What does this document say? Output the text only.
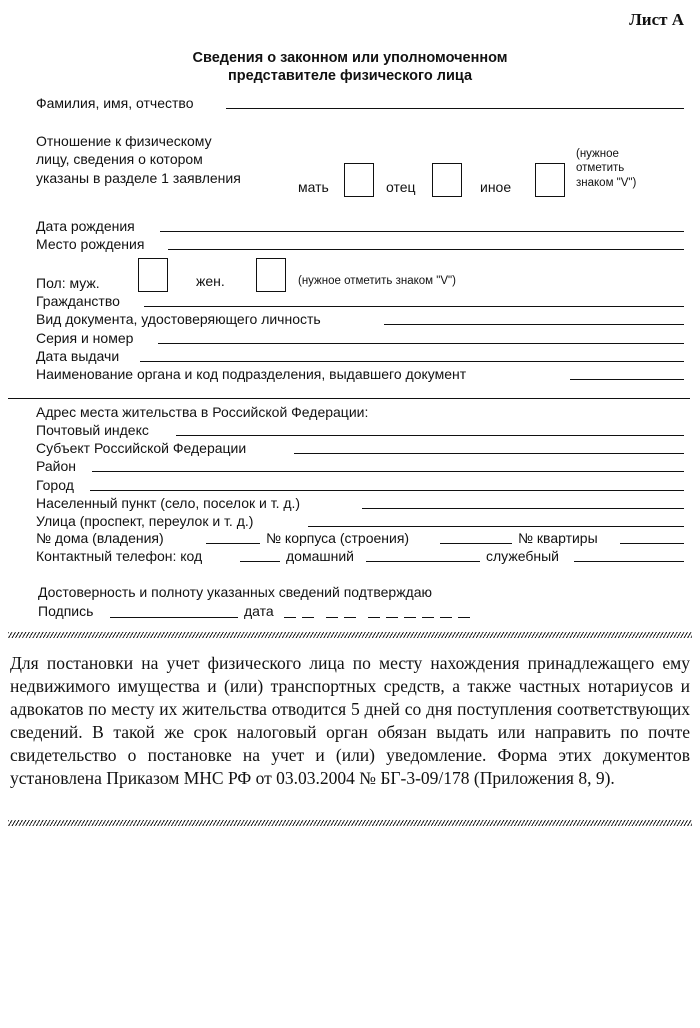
Лист А
Сведения о законном или уполномоченном
представителе физического лица
Фамилия, имя, отчество
Отношение к физическому
лицу, сведения о котором
указаны в разделе 1 заявления
мать	отец	иное
(нужное
отметить
знаком "V")
Дата рождения
Место рождения
Пол: муж.	жен.	(нужное отметить знаком "V")
Гражданство
Вид документа, удостоверяющего личность
Серия и номер
Дата выдачи
Наименование органа и код подразделения, выдавшего документ
Адрес места жительства в Российской Федерации:
Почтовый индекс
Субъект Российской Федерации
Район
Город
Населенный пункт (село, поселок и т. д.)
Улица (проспект, переулок и т. д.)
№ дома (владения)	№ корпуса (строения)	№ квартиры
Контактный телефон: код	домашний	служебный
Достоверность и полноту указанных сведений подтверждаю
Подпись	дата
Для постановки на учет физического лица по месту нахождения принадлежащего ему недвижимого имущества и (или) транспортных средств, а также частных нотариусов и адвокатов по месту их жительства отводится 5 дней со дня поступления соответствующих сведений. В такой же срок налоговый орган обязан выдать или направить по почте свидетельство о постановке на учет и (или) уведомление. Форма этих документов установлена Приказом МНС РФ от 03.03.2004 № БГ-3-09/178 (Приложения 8, 9).
